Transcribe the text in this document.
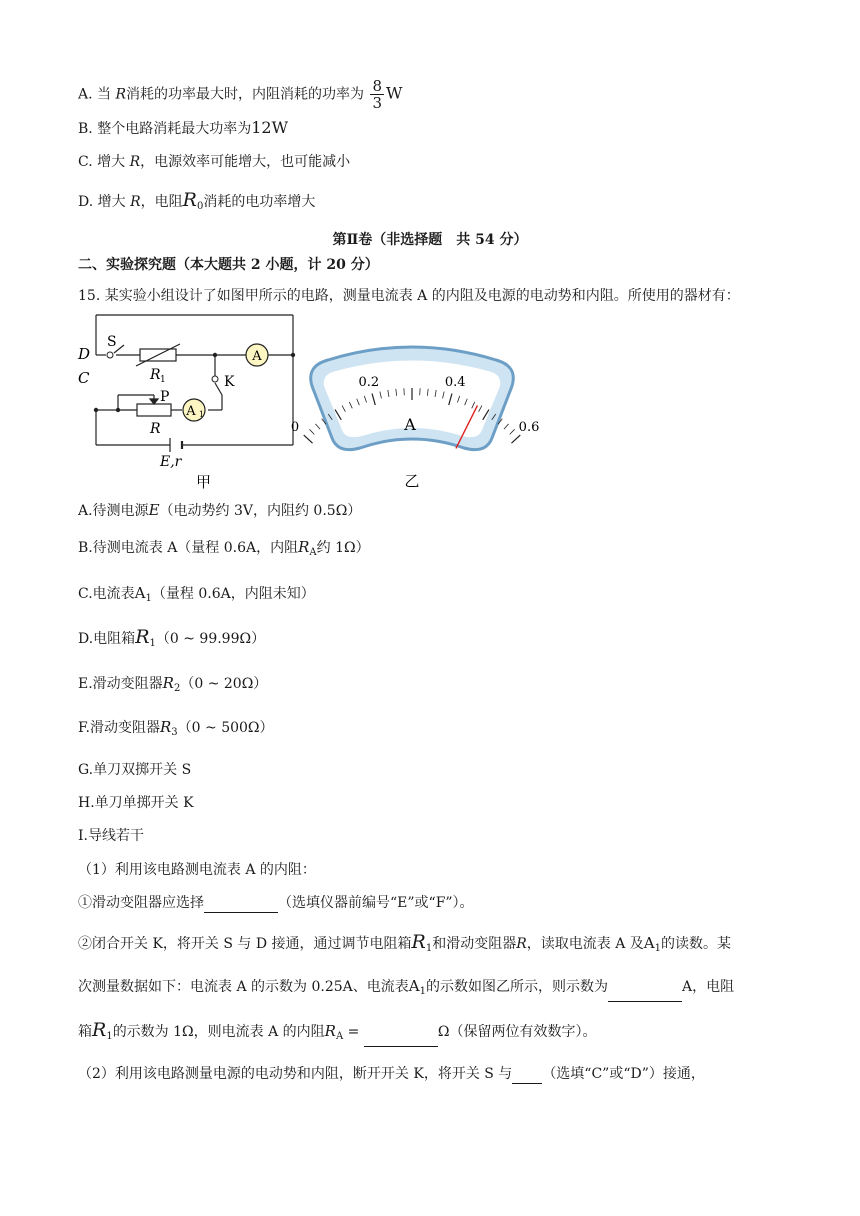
A. 当 R消耗的功率最大时，内阻消耗的功率为 $\frac{8}{3}$ W
B. 整个电路消耗最大功率为12W
C. 增大 R，电源效率可能增大，也可能减小
D. 增大 R，电阻$R_0$消耗的电功率增大
第Ⅱ卷（非选择题　共 54 分）
二、实验探究题（本大题共 2 小题，计 20 分）
15. 某实验小组设计了如图甲所示的电路，测量电流表 A 的内阻及电源的电动势和内阻。所使用的器材有：
A
A 1
D
C
S
R 1	K
P
R
E,r
甲
0
0.2	0.4
0.6
A
乙
A.待测电源E（电动势约 3V，内阻约 0.5Ω）
B.待测电流表 A（量程 0.6A，内阻$R_A$约 1Ω）
C.电流表$A_1$（量程 0.6A，内阻未知）
D.电阻箱$R_1(0$ ~ 99.99Ω）
E.滑动变阻器$R_2(0$ ~ 20Ω）
F.滑动变阻器$R_3(0$ ~ 500Ω）
G.单刀双掷开关 S
H.单刀单掷开关 K
I.导线若干
（1）利用该电路测电流表 A 的内阻：
①滑动变阻器应选择	（选填仪器前编号“E”或“F”）。
②闭合开关 K，将开关 S 与 D 接通，通过调节电阻箱$R_1$和滑动变阻器R，读取电流表 A 及$A_1$的读数。某
次测量数据如下：电流表 A 的示数为 0.25A、电流表$A_1$的示数如图乙所示，则示数为	A，电阻
箱$R_1$的示数为 1Ω，则电流表 A 的内阻$R_A$ =	Ω（保留两位有效数字）。
（2）利用该电路测量电源的电动势和内阻，断开开关 K，将开关 S 与 （选填“C”或“D”）接通，
